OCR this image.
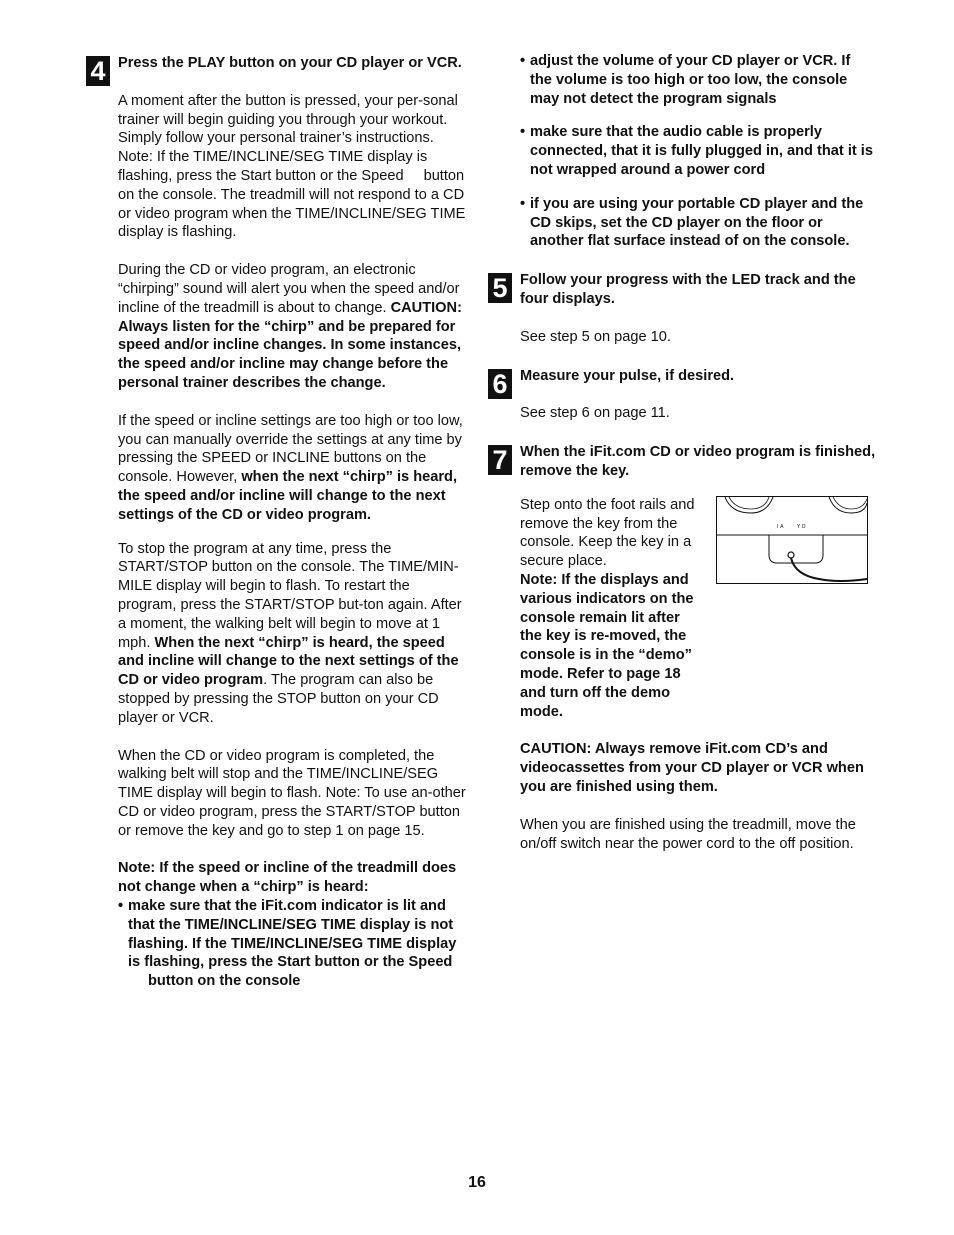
4 Press the PLAY button on your CD player or VCR.

A moment after the button is pressed, your per-sonal trainer will begin guiding you through your workout. Simply follow your personal trainer’s instructions. Note: If the TIME/INCLINE/SEG TIME display is flashing, press the Start button or the Speed button on the console. The treadmill will not respond to a CD or video program when the TIME/INCLINE/SEG TIME display is flashing.

During the CD or video program, an electronic “chirping” sound will alert you when the speed and/or incline of the treadmill is about to change. CAUTION: Always listen for the “chirp” and be prepared for speed and/or incline changes. In some instances, the speed and/or incline may change before the personal trainer describes the change.

If the speed or incline settings are too high or too low, you can manually override the settings at any time by pressing the SPEED or INCLINE buttons on the console. However, when the next “chirp” is heard, the speed and/or incline will change to the next settings of the CD or video program.

To stop the program at any time, press the START/STOP button on the console. The TIME/MIN-MILE display will begin to flash. To restart the program, press the START/STOP but-ton again. After a moment, the walking belt will begin to move at 1 mph. When the next “chirp” is heard, the speed and incline will change to the next settings of the CD or video program. The program can also be stopped by pressing the STOP button on your CD player or VCR.

When the CD or video program is completed, the walking belt will stop and the TIME/INCLINE/SEG TIME display will begin to flash. Note: To use an-other CD or video program, press the START/STOP button or remove the key and go to step 1 on page 15.

Note: If the speed or incline of the treadmill does not change when a “chirp” is heard:

• make sure that the iFit.com indicator is lit and that the TIME/INCLINE/SEG TIME display is not flashing. If the TIME/INCLINE/SEG TIME display is flashing, press the Start button or the Speedbutton on the console
• adjust the volume of your CD player or VCR. If the volume is too high or too low, the console may not detect the program signals
• make sure that the audio cable is properly connected, that it is fully plugged in, and that it is not wrapped around a power cord
• if you are using your portable CD player and the CD skips, set the CD player on the floor or another flat surface instead of on the console.
5 Follow your progress with the LED track and the four displays.

See step 5 on page 10.

6 Measure your pulse, if desired.

See step 6 on page 11.

7 When the iFit.com CD or video program is finished, remove the key.

I A	Y O

Step onto the foot rails and remove the key from the console. Keep the key in a secure place.

Note: If the displays and various indicators on the console remain lit after the key is re-moved, the console is in the “demo” mode. Refer to page 18 and turn off the demo mode.

CAUTION: Always remove iFit.com CD’s and videocassettes from your CD player or VCR when you are finished using them.

When you are finished using the treadmill, move the on/off switch near the power cord to the off position.

16
